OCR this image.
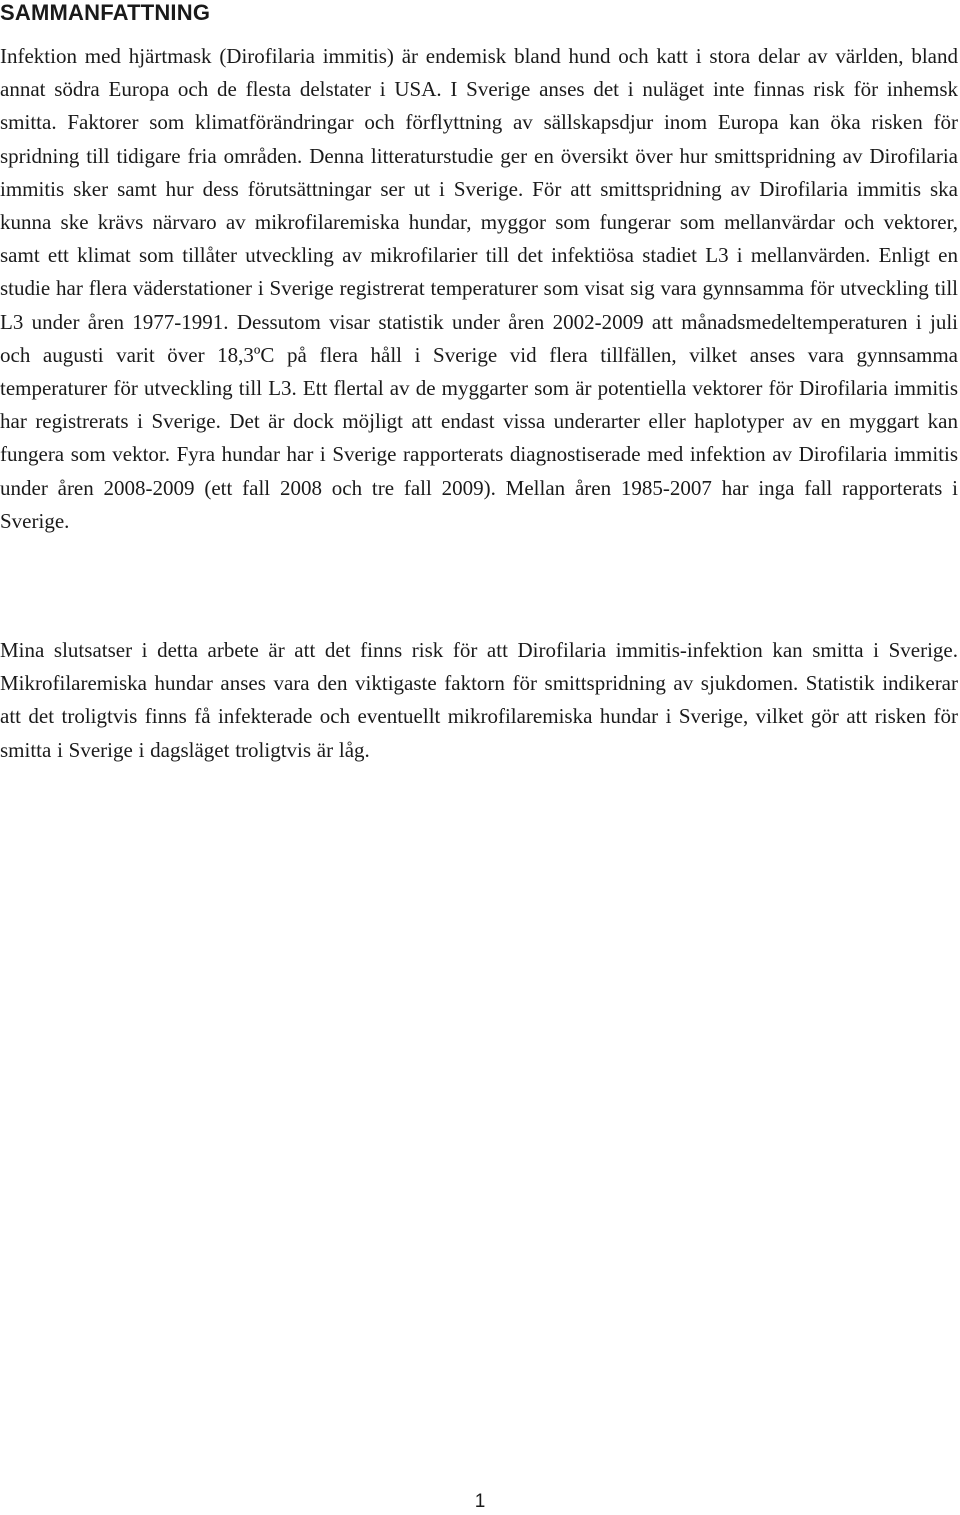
SAMMANFATTNING

Infektion med hjärtmask (Dirofilaria immitis) är endemisk bland hund och katt i stora delar av världen, bland annat södra Europa och de flesta delstater i USA. I Sverige anses det i nuläget inte finnas risk för inhemsk smitta. Faktorer som klimatförändringar och förflyttning av sällskapsdjur inom Europa kan öka risken för spridning till tidigare fria områden. Denna litteraturstudie ger en översikt över hur smittspridning av Dirofilaria immitis sker samt hur dess förutsättningar ser ut i Sverige. För att smittspridning av Dirofilaria immitis ska kunna ske krävs närvaro av mikrofilaremiska hundar, myggor som fungerar som mellanvärdar och vektorer, samt ett klimat som tillåter utveckling av mikrofilarier till det infektiösa stadiet L3 i mellanvärden. Enligt en studie har flera väderstationer i Sverige registrerat temperaturer som visat sig vara gynnsamma för utveckling till L3 under åren 1977-1991. Dessutom visar statistik under åren 2002-2009 att månadsmedeltemperaturen i juli och augusti varit över 18,3ºC på flera håll i Sverige vid flera tillfällen, vilket anses vara gynnsamma temperaturer för utveckling till L3. Ett flertal av de myggarter som är potentiella vektorer för Dirofilaria immitis har registrerats i Sverige. Det är dock möjligt att endast vissa underarter eller haplotyper av en myggart kan fungera som vektor. Fyra hundar har i Sverige rapporterats diagnostiserade med infektion av Dirofilaria immitis under åren 2008-2009 (ett fall 2008 och tre fall 2009). Mellan åren 1985-2007 har inga fall rapporterats i Sverige.

Mina slutsatser i detta arbete är att det finns risk för att Dirofilaria immitis-infektion kan smitta i Sverige. Mikrofilaremiska hundar anses vara den viktigaste faktorn för smittspridning av sjukdomen. Statistik indikerar att det troligtvis finns få infekterade och eventuellt mikrofilaremiska hundar i Sverige, vilket gör att risken för smitta i Sverige i dagsläget troligtvis är låg.

1
